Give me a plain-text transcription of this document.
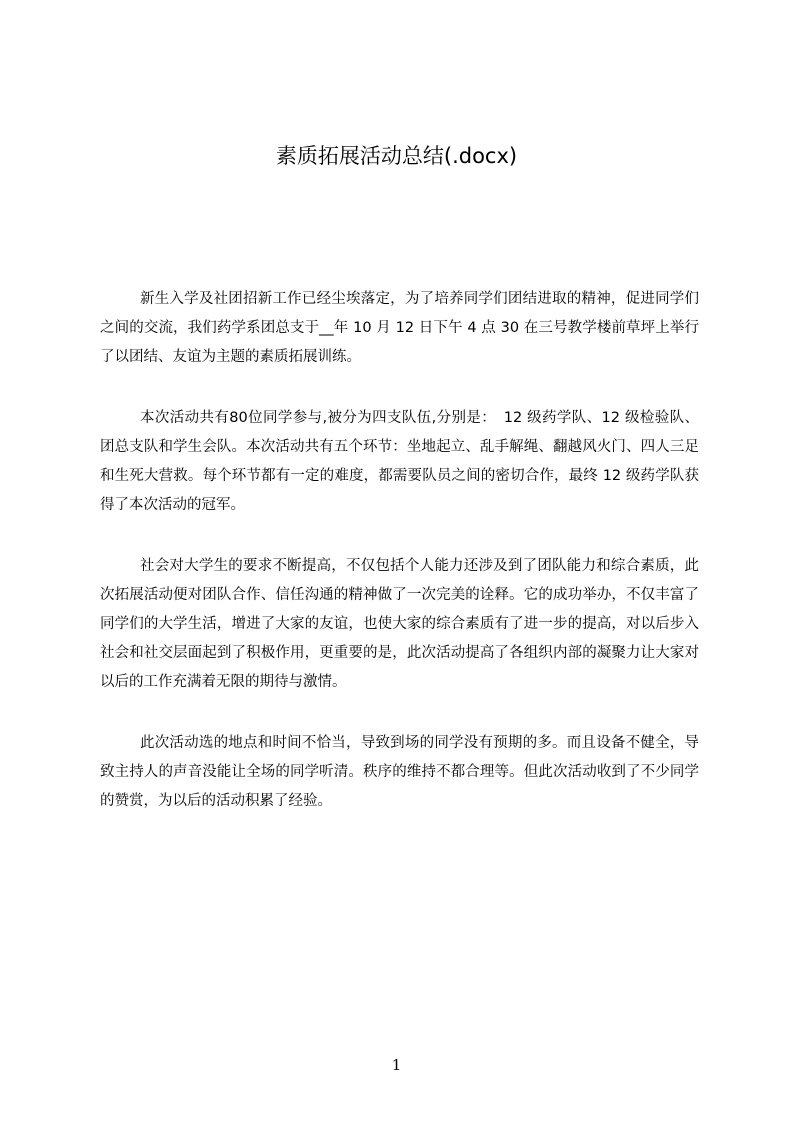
素质拓展活动总结(.docx)

新生入学及社团招新工作已经尘埃落定，为了培养同学们团结进取的精神，促进同学们之间的交流，我们药学系团总支于__年 10 月 12 日下午 4 点 30 在三号教学楼前草坪上举行了以团结、友谊为主题的素质拓展训练。

本次活动共有80位同学参与,被分为四支队伍,分别是：　12 级药学队、12 级检验队、团总支队和学生会队。本次活动共有五个环节：坐地起立、乱手解绳、翻越风火门、四人三足和生死大营救。每个环节都有一定的难度，都需要队员之间的密切合作，最终 12 级药学队获得了本次活动的冠军。

社会对大学生的要求不断提高，不仅包括个人能力还涉及到了团队能力和综合素质，此次拓展活动便对团队合作、信任沟通的精神做了一次完美的诠释。它的成功举办，不仅丰富了同学们的大学生活，增进了大家的友谊，也使大家的综合素质有了进一步的提高，对以后步入社会和社交层面起到了积极作用，更重要的是，此次活动提高了各组织内部的凝聚力让大家对以后的工作充满着无限的期待与激情。

此次活动选的地点和时间不恰当，导致到场的同学没有预期的多。而且设备不健全，导致主持人的声音没能让全场的同学听清。秩序的维持不都合理等。但此次活动收到了不少同学的赞赏，为以后的活动积累了经验。

1
